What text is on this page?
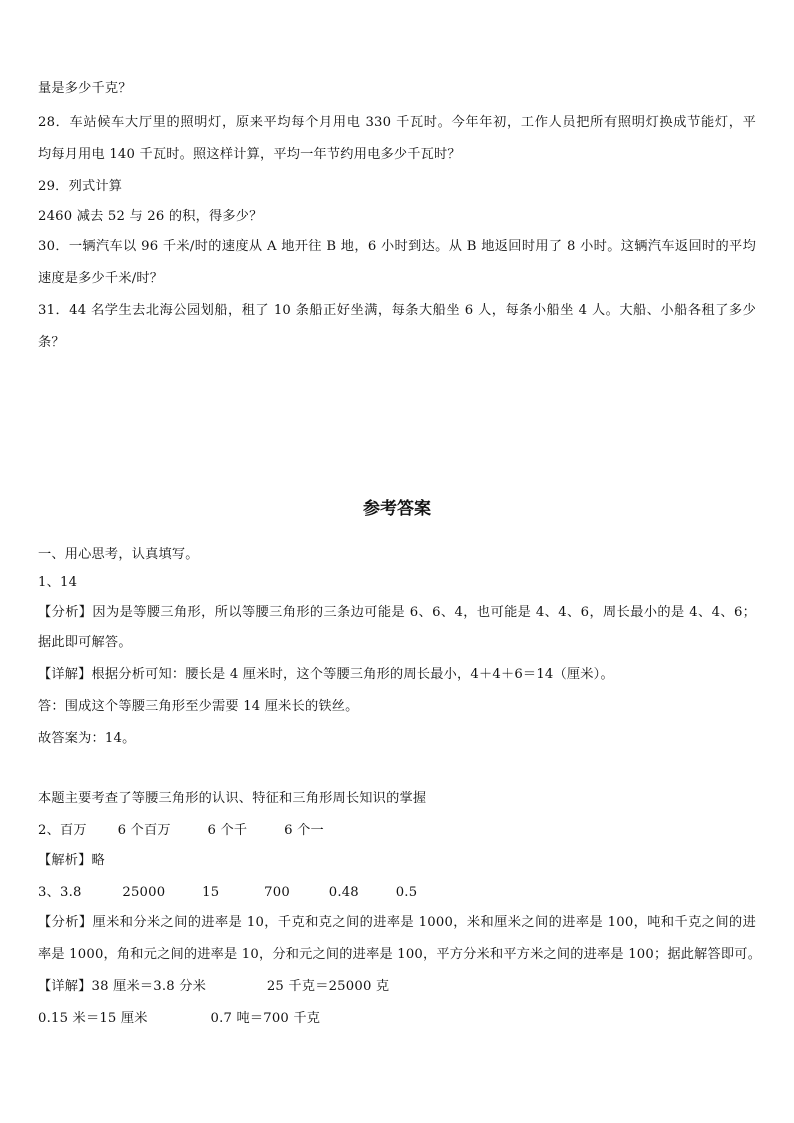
量是多少千克？
28．车站候车大厅里的照明灯，原来平均每个月用电 330 千瓦时。今年年初，工作人员把所有照明灯换成节能灯，平
均每月用电 140 千瓦时。照这样计算，平均一年节约用电多少千瓦时？
29．列式计算
2460 减去 52 与 26 的积，得多少？
30．一辆汽车以 96 千米/时的速度从 A 地开往 B 地，6 小时到达。从 B 地返回时用了 8 小时。这辆汽车返回时的平均
速度是多少千米/时？
31．44 名学生去北海公园划船，租了 10 条船正好坐满，每条大船坐 6 人，每条小船坐 4 人。大船、小船各租了多少
条？
参考答案
一、用心思考，认真填写。
1、14
【分析】因为是等腰三角形，所以等腰三角形的三条边可能是 6、6、4，也可能是 4、4、6，周长最小的是 4、4、6；
据此即可解答。
【详解】根据分析可知：腰长是 4 厘米时，这个等腰三角形的周长最小，4＋4＋6＝14（厘米）。
答：围成这个等腰三角形至少需要 14 厘米长的铁丝。
故答案为：14。
本题主要考查了等腰三角形的认识、特征和三角形周长知识的掌握
2、百万 6 个百万	6 个千	6 个一
【解析】略
3、3.8	25000	15	700	0.48	0.5
【分析】厘米和分米之间的进率是 10，千克和克之间的进率是 1000，米和厘米之间的进率是 100，吨和千克之间的进
率是 1000，角和元之间的进率是 10，分和元之间的进率是 100，平方分米和平方米之间的进率是 100；据此解答即可。
【详解】38 厘米＝3.8 分米	25 千克＝25000 克
0.15 米＝15 厘米	0.7 吨＝700 千克
